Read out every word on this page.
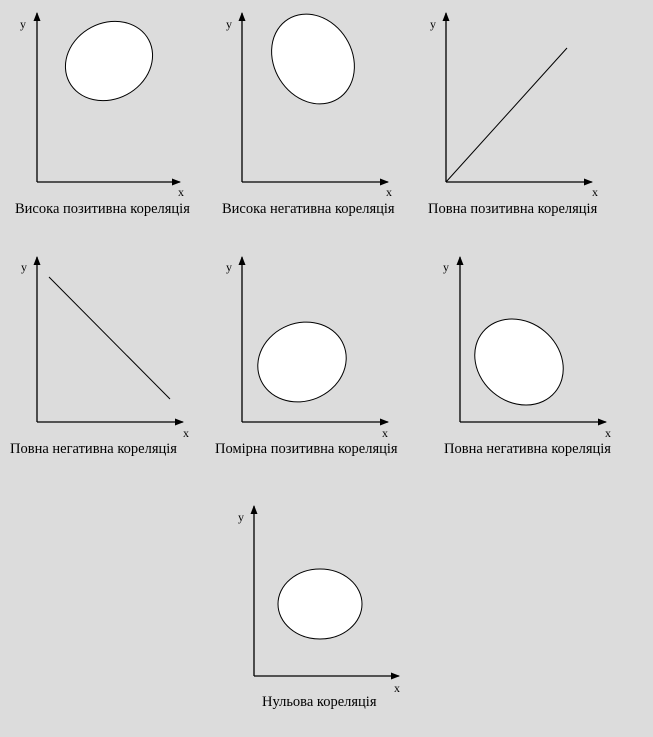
y
x
Висока позитивна кореляція
y
x
Висока негативна кореляція
y
x
Повна позитивна кореляція
y
x
Повна негативна кореляція
y
x
Помірна позитивна кореляція
y
x
Повна негативна кореляція
y
x
Нульова кореляція
